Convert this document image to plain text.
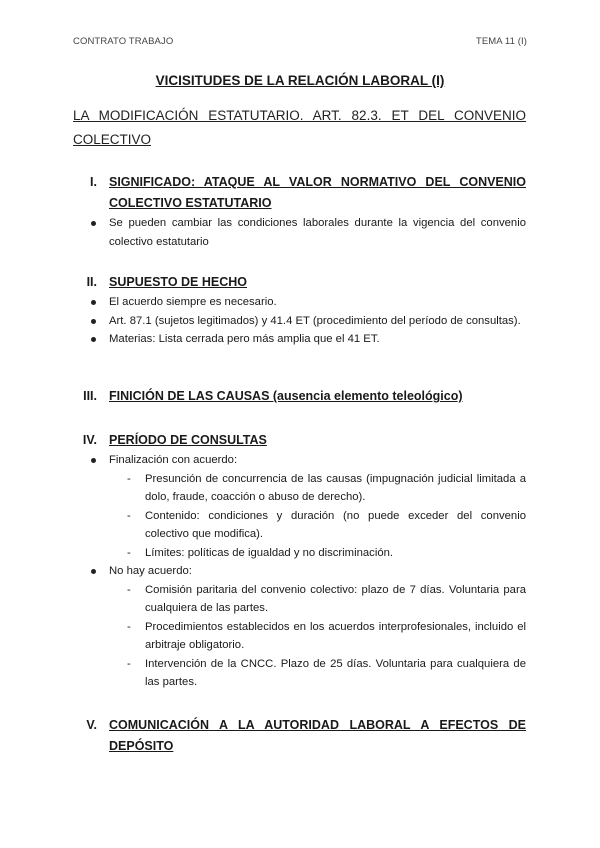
CONTRATO TRABAJO	TEMA 11 (I)
VICISITUDES DE LA RELACIÓN LABORAL (I)
LA MODIFICACIÓN ESTATUTARIO. ART. 82.3. ET DEL CONVENIO COLECTIVO
I. SIGNIFICADO: ATAQUE AL VALOR NORMATIVO DEL CONVENIO COLECTIVO ESTATUTARIO
Se pueden cambiar las condiciones laborales durante la vigencia del convenio colectivo estatutario
II. SUPUESTO DE HECHO
El acuerdo siempre es necesario.
Art. 87.1 (sujetos legitimados) y 41.4 ET (procedimiento del período de consultas).
Materias: Lista cerrada pero más amplia que el 41 ET.
III. FINICIÓN DE LAS CAUSAS (ausencia elemento teleológico)
IV. PERÍODO DE CONSULTAS
Finalización con acuerdo:
- Presunción de concurrencia de las causas (impugnación judicial limitada a dolo, fraude, coacción o abuso de derecho).
- Contenido: condiciones y duración (no puede exceder del convenio colectivo que modifica).
- Límites: políticas de igualdad y no discriminación.
No hay acuerdo:
- Comisión paritaria del convenio colectivo: plazo de 7 días. Voluntaria para cualquiera de las partes.
- Procedimientos establecidos en los acuerdos interprofesionales, incluido el arbitraje obligatorio.
- Intervención de la CNCC. Plazo de 25 días. Voluntaria para cualquiera de las partes.
V. COMUNICACIÓN A LA AUTORIDAD LABORAL A EFECTOS DE DEPÓSITO
